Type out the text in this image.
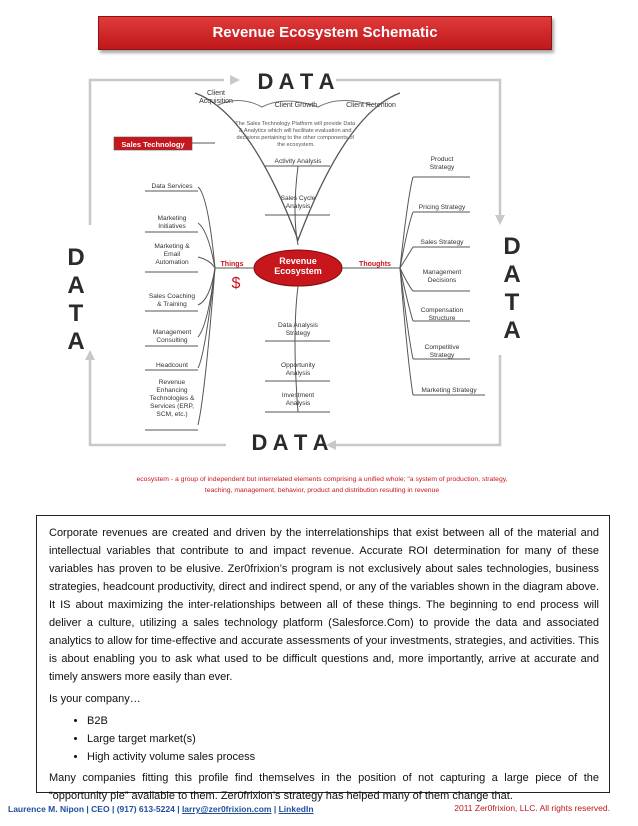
Revenue Ecosystem Schematic
D A T A
D A T A
D
A
T
A
D
A
T
A
Client Acquisition
Client Growth	Client Retention
The Sales Technology Platform will provide Data & Analytics which will facilitate evaluation and decisions pertaining to the other components of the ecosystem.
Sales Technology
Revenue Ecosystem
Things	Thoughts
$
Data Services
Marketing Initiatives
Marketing & Email Automation
Sales Coaching & Training
Management Consulting
Headcount
Revenue Enhancing Technologies & Services (ERP, SCM, etc.)
Activity Analysis
Sales Cycle Analysis
Data Analysis Strategy
Opportunity Analysis
Investment Analysis
Product Strategy
Pricing Strategy
Sales Strategy
Management Decisions
Compensation Structure
Competitive Strategy
Marketing Strategy
ecosystem - a group of independent but interrelated elements comprising a unified whole; "a system of production, strategy,
teaching, management, behavior, product and distribution resulting in revenue

Corporate revenues are created and driven by the interrelationships that exist between all of the material and intellectual variables that contribute to and impact revenue. Accurate ROI determination for many of these variables has proven to be elusive. Zer0frixion’s program is not exclusively about sales technologies, business strategies, headcount productivity, direct and indirect spend, or any of the variables shown in the diagram above. It IS about maximizing the inter-relationships between all of these things. The beginning to end process will deliver a culture, utilizing a sales technology platform (Salesforce.Com) to provide the data and associated analytics to allow for time-effective and accurate assessments of your investments, strategies, and activities. This is about enabling you to ask what used to be difficult questions and, more importantly, arrive at accurate and timely answers more easily than ever.

Is your company…

• B2B
• Large target market(s)
• High activity volume sales process

Many companies fitting this profile find themselves in the position of not capturing a large piece of the “opportunity pie” available to them. Zer0frixion’s strategy has helped many of them change that.

Laurence M. Nipon | CEO | (917) 613-5224 | larry@zer0frixion.com | LinkedIn	2011 Zer0frixion, LLC. All rights reserved.
